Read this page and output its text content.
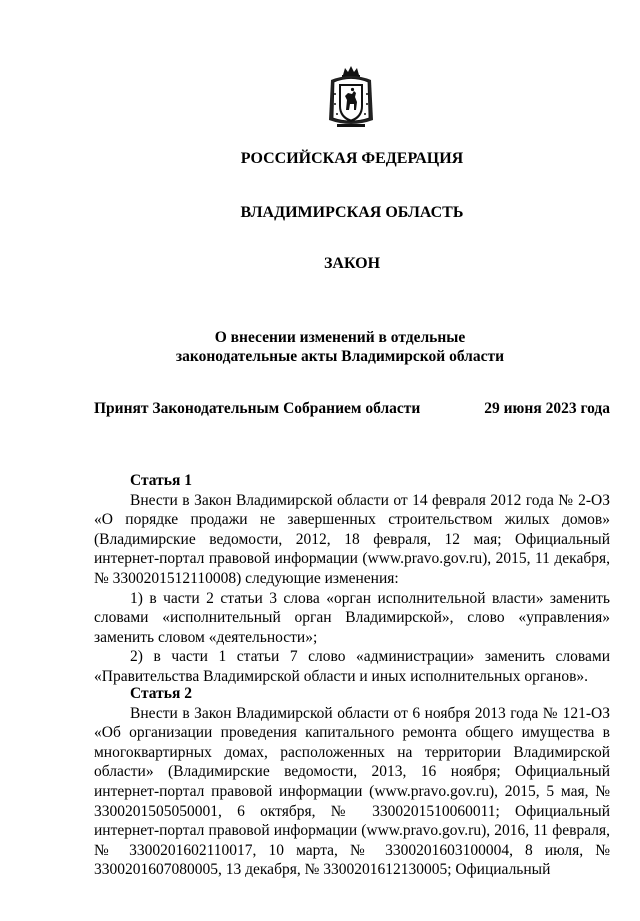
РОССИЙСКАЯ ФЕДЕРАЦИЯ
ВЛАДИМИРСКАЯ ОБЛАСТЬ
ЗАКОН
О внесении изменений в отдельные
законодательные акты Владимирской области
Принят Законодательным Собранием области	29 июня 2023 года

Статья 1

Внести в Закон Владимирской области от 14 февраля 2012 года № 2-ОЗ «О порядке продажи не завершенных строительством жилых домов» (Владимирские ведомости, 2012, 18 февраля, 12 мая; Официальный интернет-портал правовой информации (www.pravo.gov.ru), 2015, 11 декабря, № 3300201512110008) следующие изменения:

1) в части 2 статьи 3 слова «орган исполнительной власти» заменить словами «исполнительный орган Владимирской», слово «управления» заменить словом «деятельности»;

2) в части 1 статьи 7 слово «администрации» заменить словами «Правительства Владимирской области и иных исполнительных органов».

Статья 2

Внести в Закон Владимирской области от 6 ноября 2013 года № 121-ОЗ «Об организации проведения капитального ремонта общего имущества в многоквартирных домах, расположенных на территории Владимирской области» (Владимирские ведомости, 2013, 16 ноября; Официальный интернет-портал правовой информации (www.pravo.gov.ru), 2015, 5 мая, № 3300201505050001, 6 октября, № 3300201510060011; Официальный интернет-портал правовой информации (www.pravo.gov.ru), 2016, 11 февраля, № 3300201602110017, 10 марта, № 3300201603100004, 8 июля, № 3300201607080005, 13 декабря, № 3300201612130005; Официальный
